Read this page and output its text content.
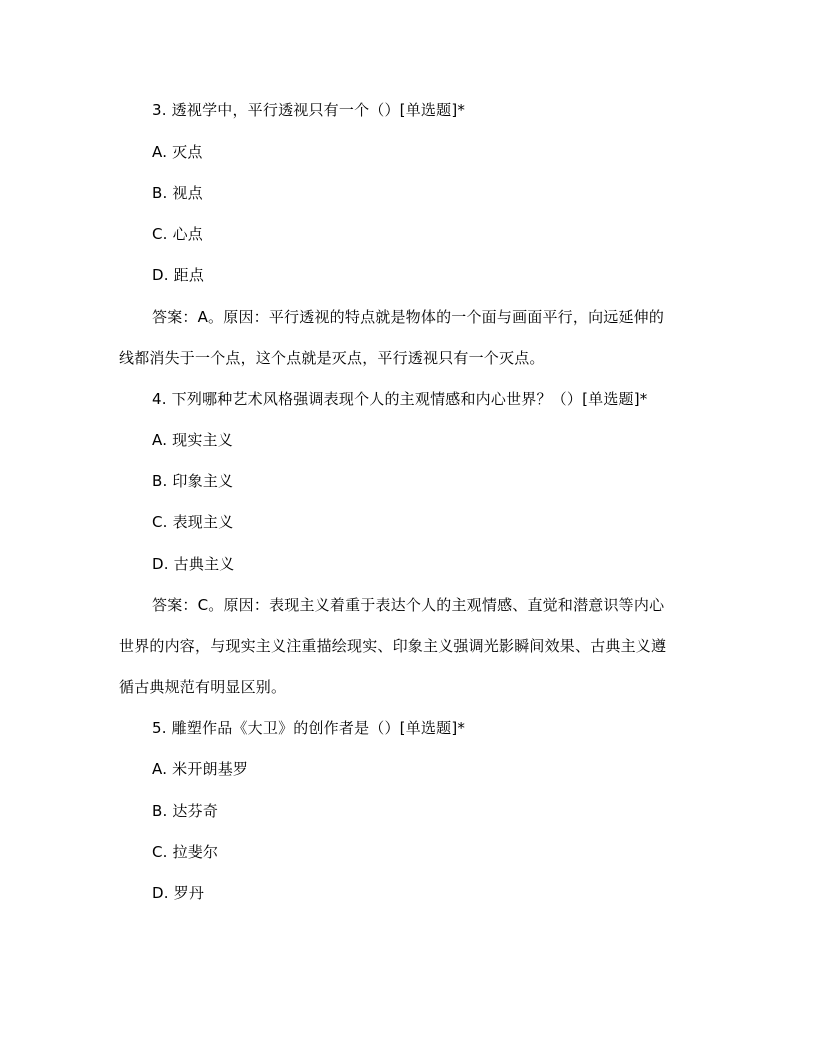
3. 透视学中，平行透视只有一个（）[单选题]*
A. 灭点
B. 视点
C. 心点
D. 距点
答案：A。原因：平行透视的特点就是物体的一个面与画面平行，向远延伸的
线都消失于一个点，这个点就是灭点，平行透视只有一个灭点。
4. 下列哪种艺术风格强调表现个人的主观情感和内心世界？（）[单选题]*
A. 现实主义
B. 印象主义
C. 表现主义
D. 古典主义
答案：C。原因：表现主义着重于表达个人的主观情感、直觉和潜意识等内心
世界的内容，与现实主义注重描绘现实、印象主义强调光影瞬间效果、古典主义遵
循古典规范有明显区别。
5. 雕塑作品《大卫》的创作者是（）[单选题]*
A. 米开朗基罗
B. 达芬奇
C. 拉斐尔
D. 罗丹
